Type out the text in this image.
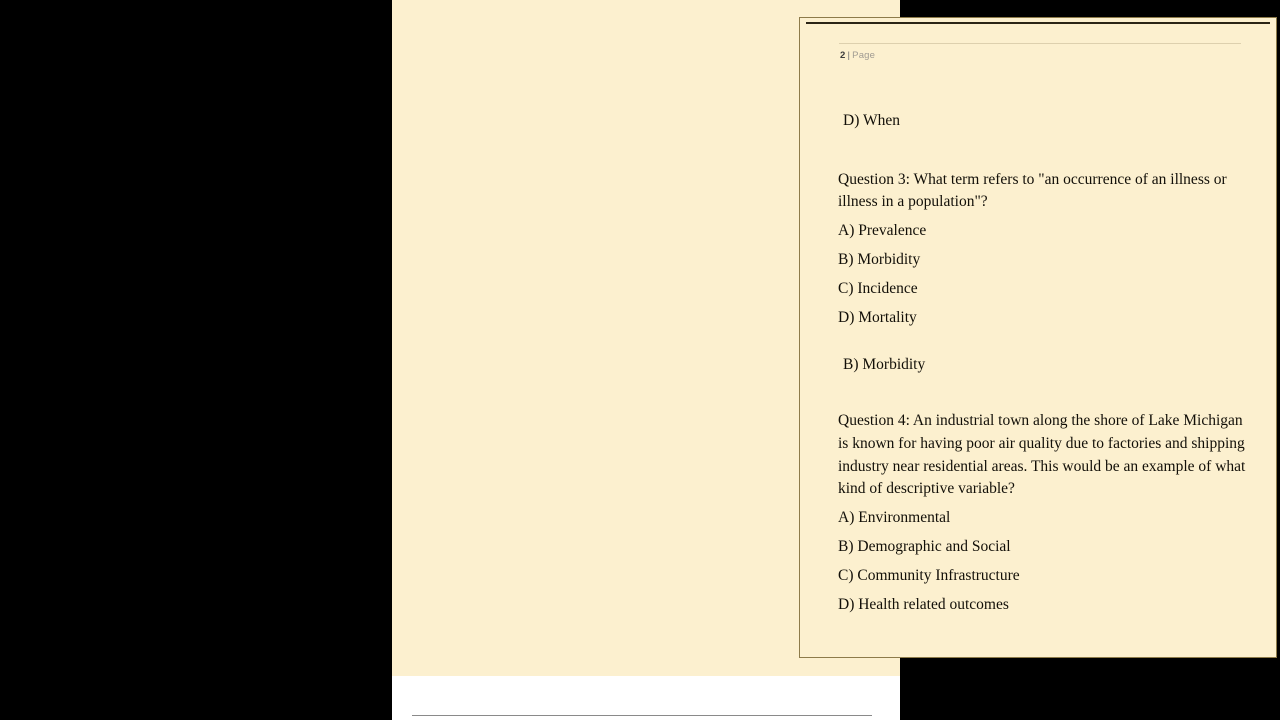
2 | Page

D) When

Question 3: What term refers to "an occurrence of an illness or illness in a population"?

A) Prevalence
B) Morbidity
C) Incidence
D) Mortality

B) Morbidity

Question 4: An industrial town along the shore of Lake Michigan is known for having poor air quality due to factories and shipping industry near residential areas. This would be an example of what kind of descriptive variable?

A) Environmental
B) Demographic and Social
C) Community Infrastructure
D) Health related outcomes
